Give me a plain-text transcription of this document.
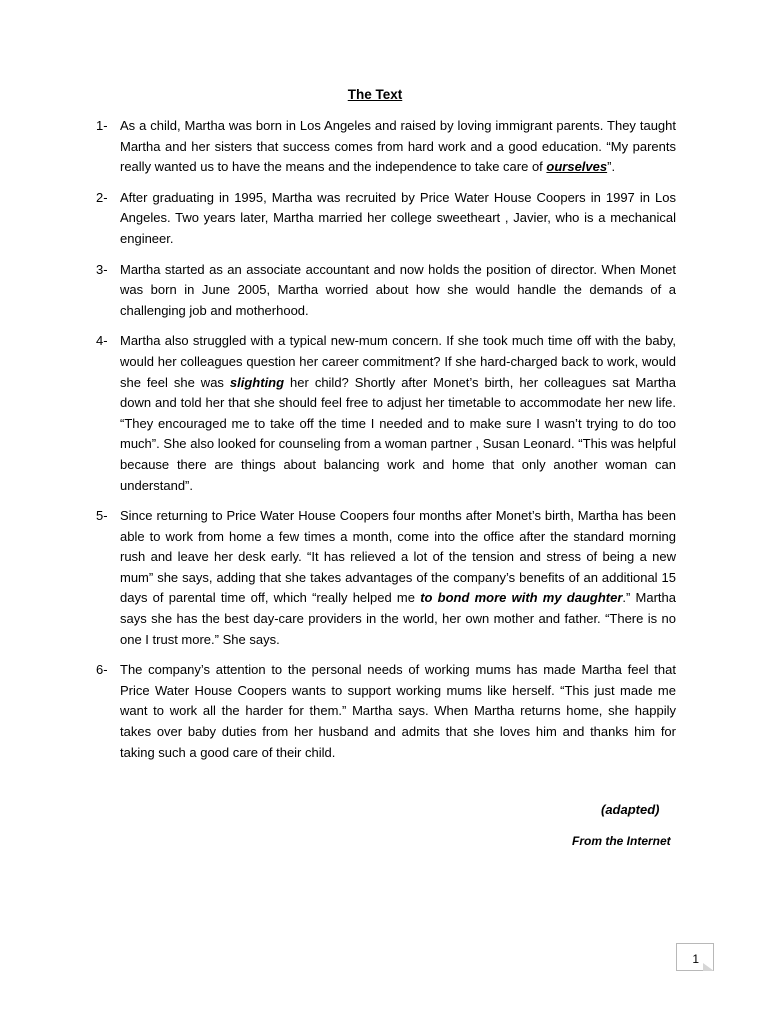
The Text

1- As a child, Martha was born in Los Angeles and raised by loving immigrant parents. They taught Martha and her sisters that success comes from hard work and a good education. “My parents really wanted us to have the means and the independence to take care of ourselves”.

2- After graduating in 1995, Martha was recruited by Price Water House Coopers in 1997 in Los Angeles. Two years later, Martha married her college sweetheart , Javier, who is a mechanical engineer.

3- Martha started as an associate accountant and now holds the position of director. When Monet was born in June 2005, Martha worried about how she would handle the demands of a challenging job and motherhood.

4- Martha also struggled with a typical new-mum concern. If she took much time off with the baby, would her colleagues question her career commitment? If she hard-charged back to work, would she feel she was slighting her child? Shortly after Monet’s birth, her colleagues sat Martha down and told her that she should feel free to adjust her timetable to accommodate her new life. “They encouraged me to take off the time I needed and to make sure I wasn’t trying to do too much”. She also looked for counseling from a woman partner , Susan Leonard. “This was helpful because there are things about balancing work and home that only another woman can understand”.

5- Since returning to Price Water House Coopers four months after Monet’s birth, Martha has been able to work from home a few times a month, come into the office after the standard morning rush and leave her desk early. “It has relieved a lot of the tension and stress of being a new mum” she says, adding that she takes advantages of the company’s benefits of an additional 15 days of parental time off, which “really helped me to bond more with my daughter.” Martha says she has the best day-care providers in the world, her own mother and father. “There is no one I trust more.” She says.

6- The company’s attention to the personal needs of working mums has made Martha feel that Price Water House Coopers wants to support working mums like herself. “This just made me want to work all the harder for them.” Martha says. When Martha returns home, she happily takes over baby duties from her husband and admits that she loves him and thanks him for taking such a good care of their child.

(adapted)
From the Internet
1
